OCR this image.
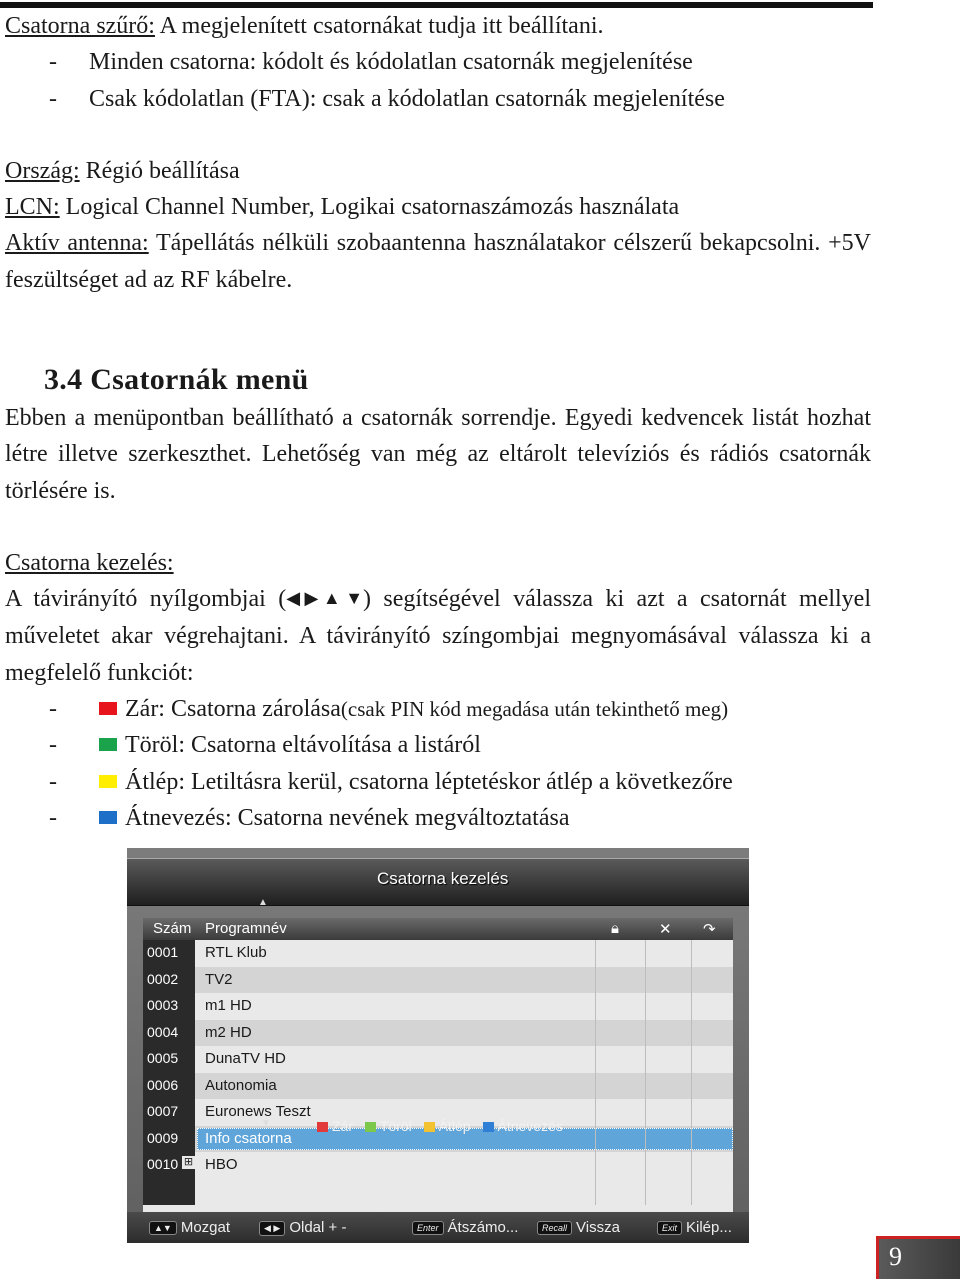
Csatorna szűrő: A megjelenített csatornákat tudja itt beállítani.

-	Minden csatorna: kódolt és kódolatlan csatornák megjelenítése
-	Csak kódolatlan (FTA): csak a kódolatlan csatornák megjelenítése

Ország: Régió beállítása

LCN: Logical Channel Number, Logikai csatornaszámozás használata

Aktív antenna: Tápellátás nélküli szobaantenna használatakor célszerű bekapcsolni. +5V feszültséget ad az RF kábelre.

3.4 Csatornák menü

Ebben a menüpontban beállítható a csatornák sorrendje. Egyedi kedvencek listát hozhat létre illetve szerkeszthet. Lehetőség van még az eltárolt televíziós és rádiós csatornák törlésére is.

Csatorna kezelés:

A távirányító nyílgombjai (◀ ▶ ▲ ▼) segítségével válassza ki azt a csatornát mellyel műveletet akar végrehajtani. A távirányító színgombjai megnyomásával válassza ki a megfelelő funkciót:

-	Zár: Csatorna zárolása (csak PIN kód megadása után tekinthető meg)
-	Töröl: Csatorna eltávolítása a listáról
-	Átlép: Letiltásra kerül, csatorna léptetéskor átlép a következőre
-	Átnevezés: Csatorna nevének megváltoztatása
Csatorna kezelés
▲
Szám Programnév	🔒︎	✕ ↷
0001 RTL Klub
0002 TV2
0003 m1 HD
0004 m2 HD
0005 DunaTV HD
0006 Autonomia
0007 Euronews Teszt
0009 Info csatorna
0010 HBO
⊞
▼	Zár Töröl Átlép Átnevezés
▲▼ Mozgat	◀ ▶ Oldal + -	Enter Átszámo...	Recall Vissza	Exit Kilép...
9
